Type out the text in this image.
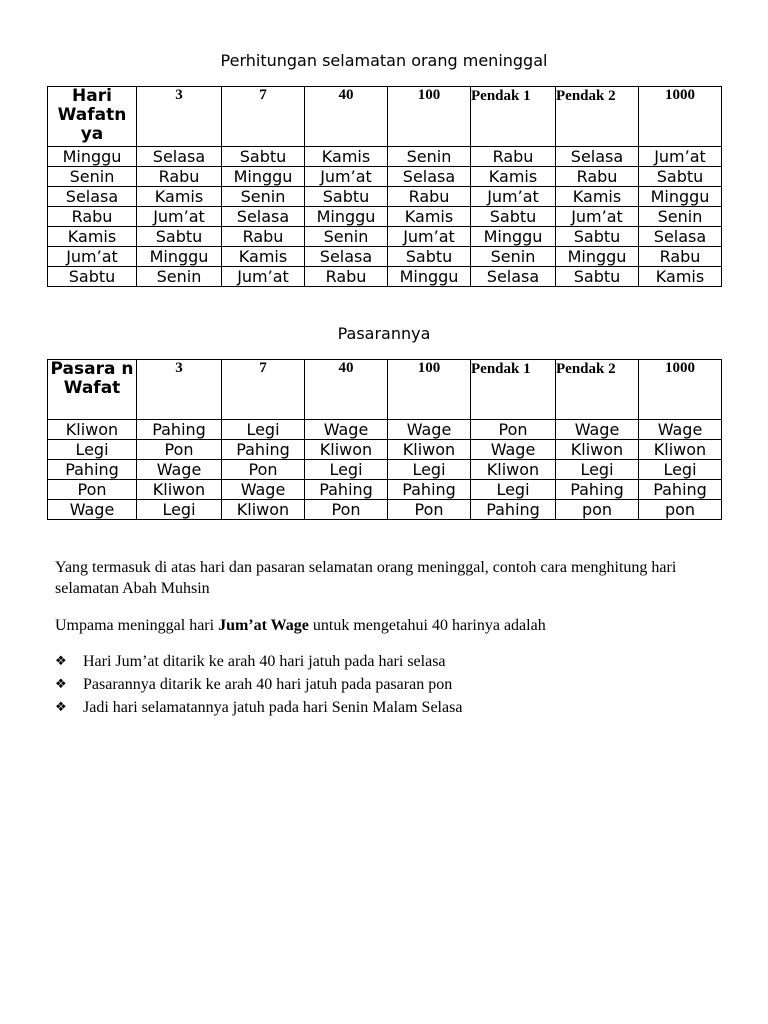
Perhitungan selamatan orang meninggal
Hari Wafatn ya	3	7	40	100	Pendak 1	Pendak 2	1000
Minggu	Selasa	Sabtu	Kamis	Senin	Rabu	Selasa	Jum’at
Senin	Rabu	Minggu	Jum’at	Selasa	Kamis	Rabu	Sabtu
Selasa	Kamis	Senin	Sabtu	Rabu	Jum’at	Kamis	Minggu
Rabu	Jum’at	Selasa	Minggu	Kamis	Sabtu	Jum’at	Senin
Kamis	Sabtu	Rabu	Senin	Jum’at	Minggu	Sabtu	Selasa
Jum’at	Minggu	Kamis	Selasa	Sabtu	Senin	Minggu	Rabu
Sabtu	Senin	Jum’at	Rabu	Minggu	Selasa	Sabtu	Kamis
Pasarannya
Pasara n Wafat	3	7	40	100	Pendak 1	Pendak 2	1000
Kliwon	Pahing	Legi	Wage	Wage	Pon	Wage	Wage
Legi	Pon	Pahing	Kliwon	Kliwon	Wage	Kliwon	Kliwon
Pahing	Wage	Pon	Legi	Legi	Kliwon	Legi	Legi
Pon	Kliwon	Wage	Pahing	Pahing	Legi	Pahing	Pahing
Wage	Legi	Kliwon	Pon	Pon	Pahing	pon	pon
Yang termasuk di atas hari dan pasaran selamatan orang meninggal, contoh cara menghitung hari selamatan Abah Muhsin
Umpama meninggal hari Jum’at Wage untuk mengetahui 40 harinya adalah
❖	Hari Jum’at ditarik ke arah 40 hari jatuh pada hari selasa
❖	Pasarannya ditarik ke arah 40 hari jatuh pada pasaran pon
❖	Jadi hari selamatannya jatuh pada hari Senin Malam Selasa
